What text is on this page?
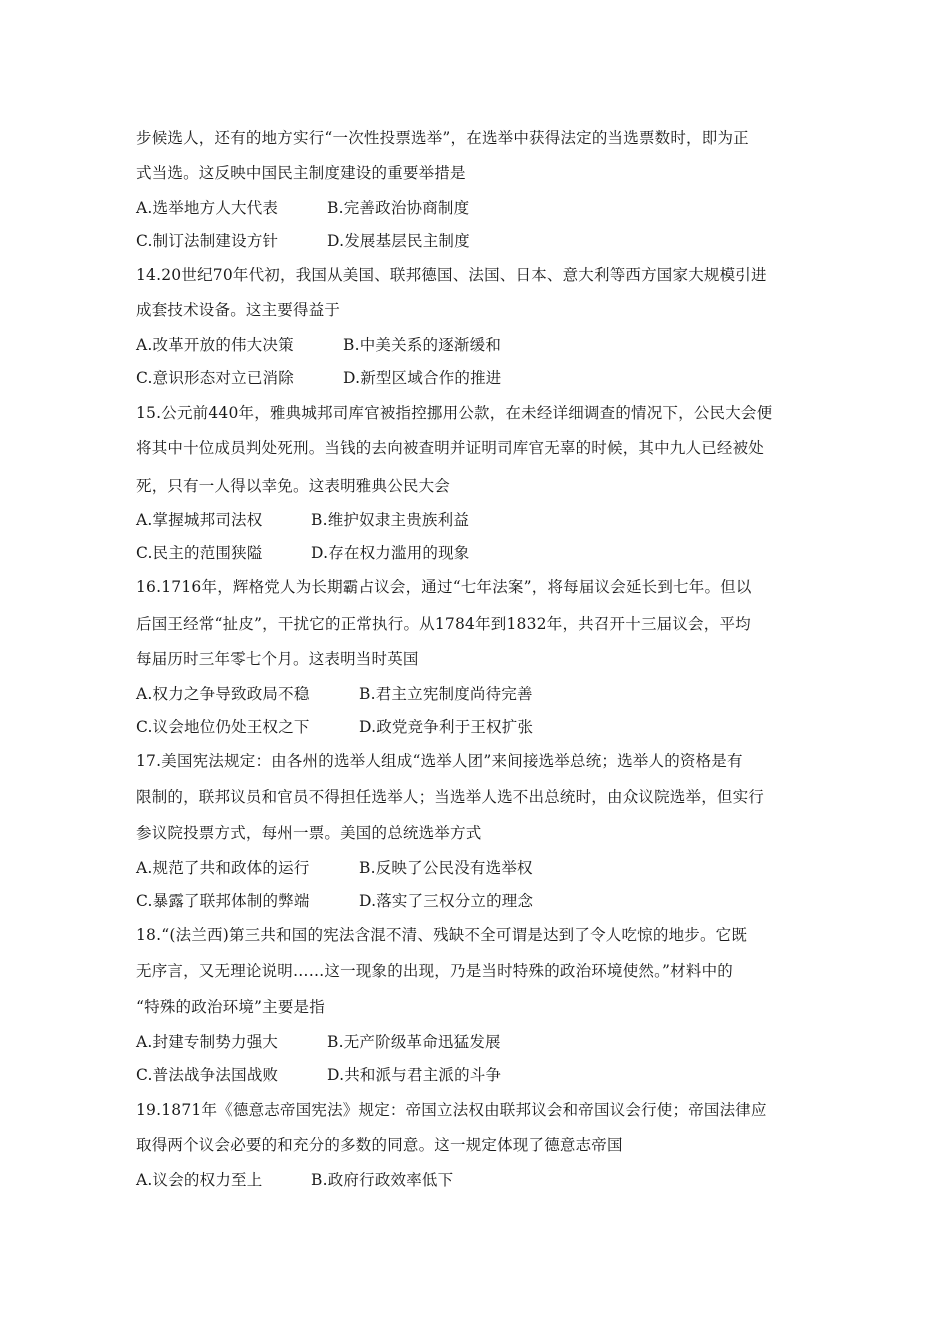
步候选人，还有的地方实行“一次性投票选举”，在选举中获得法定的当选票数时，即为正
式当选。这反映中国民主制度建设的重要举措是
A.选举地方人大代表	B.完善政治协商制度
C.制订法制建设方针	D.发展基层民主制度
14.20世纪70年代初，我国从美国、联邦德国、法国、日本、意大利等西方国家大规模引进
成套技术设备。这主要得益于
A.改革开放的伟大决策	B.中美关系的逐渐缓和
C.意识形态对立已消除	D.新型区域合作的推进
15.公元前440年，雅典城邦司库官被指控挪用公款，在未经详细调查的情况下，公民大会便
将其中十位成员判处死刑。当钱的去向被查明并证明司库官无辜的时候，其中九人已经被处
死，只有一人得以幸免。这表明雅典公民大会
A.掌握城邦司法权	B.维护奴隶主贵族利益
C.民主的范围狭隘	D.存在权力滥用的现象
16.1716年，辉格党人为长期霸占议会，通过“七年法案”，将每届议会延长到七年。但以
后国王经常“扯皮”，干扰它的正常执行。从1784年到1832年，共召开十三届议会，平均
每届历时三年零七个月。这表明当时英国
A.权力之争导致政局不稳	B.君主立宪制度尚待完善
C.议会地位仍处王权之下	D.政党竞争利于王权扩张
17.美国宪法规定：由各州的选举人组成“选举人团”来间接选举总统；选举人的资格是有
限制的，联邦议员和官员不得担任选举人；当选举人选不出总统时，由众议院选举，但实行
参议院投票方式，每州一票。美国的总统选举方式
A.规范了共和政体的运行	B.反映了公民没有选举权
C.暴露了联邦体制的弊端	D.落实了三权分立的理念
18.“(法兰西)第三共和国的宪法含混不清、残缺不全可谓是达到了令人吃惊的地步。它既
无序言，又无理论说明……这一现象的出现，乃是当时特殊的政治环境使然。”材料中的
“特殊的政治环境”主要是指
A.封建专制势力强大	B.无产阶级革命迅猛发展
C.普法战争法国战败	D.共和派与君主派的斗争
19.1871年《德意志帝国宪法》规定：帝国立法权由联邦议会和帝国议会行使；帝国法律应
取得两个议会必要的和充分的多数的同意。这一规定体现了德意志帝国
A.议会的权力至上	B.政府行政效率低下
